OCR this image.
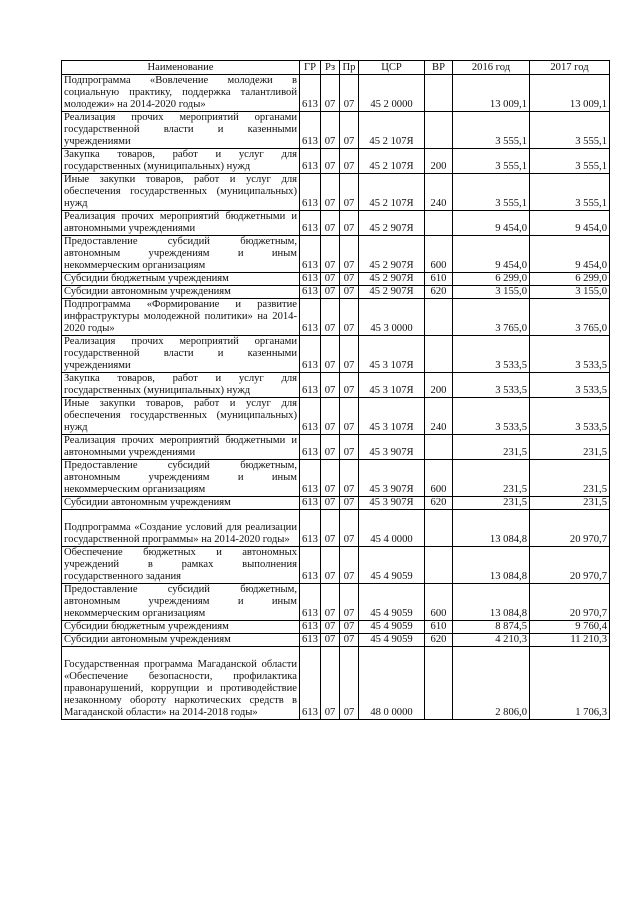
Наименование	ГР	Рз	Пр	ЦСР	ВР	2016 год	2017 год
Подпрограмма «Вовлечение молодежи в социальную практику, поддержка талантливой молодежи» на 2014-2020 годы»	613	07	07	45 2 0000		13 009,1	13 009,1
Реализация прочих мероприятий органами государственной власти и казенными учреждениями	613	07	07	45 2 107Я		3 555,1	3 555,1
Закупка товаров, работ и услуг для государственных (муниципальных) нужд	613	07	07	45 2 107Я	200	3 555,1	3 555,1
Иные закупки товаров, работ и услуг для обеспечения государственных (муниципальных) нужд	613	07	07	45 2 107Я	240	3 555,1	3 555,1
Реализация прочих мероприятий бюджетными и автономными учреждениями	613	07	07	45 2 907Я		9 454,0	9 454,0
Предоставление субсидий бюджетным, автономным учреждениям и иным некоммерческим организациям	613	07	07	45 2 907Я	600	9 454,0	9 454,0
Субсидии бюджетным учреждениям	613	07	07	45 2 907Я	610	6 299,0	6 299,0
Субсидии автономным учреждениям	613	07	07	45 2 907Я	620	3 155,0	3 155,0
Подпрограмма «Формирование и развитие инфраструктуры молодежной политики» на 2014-2020 годы»	613	07	07	45 3 0000		3 765,0	3 765,0
Реализация прочих мероприятий органами государственной власти и казенными учреждениями	613	07	07	45 3 107Я		3 533,5	3 533,5
Закупка товаров, работ и услуг для государственных (муниципальных) нужд	613	07	07	45 3 107Я	200	3 533,5	3 533,5
Иные закупки товаров, работ и услуг для обеспечения государственных (муниципальных) нужд	613	07	07	45 3 107Я	240	3 533,5	3 533,5
Реализация прочих мероприятий бюджетными и автономными учреждениями	613	07	07	45 3 907Я		231,5	231,5
Предоставление субсидий бюджетным, автономным учреждениям и иным некоммерческим организациям	613	07	07	45 3 907Я	600	231,5	231,5
Субсидии автономным учреждениям	613	07	07	45 3 907Я	620	231,5	231,5
Подпрограмма «Создание условий для реализации государственной программы» на 2014-2020 годы»	613	07	07	45 4 0000		13 084,8	20 970,7
Обеспечение бюджетных и автономных учреждений в рамках выполнения государственного задания	613	07	07	45 4 9059		13 084,8	20 970,7
Предоставление субсидий бюджетным, автономным учреждениям и иным некоммерческим организациям	613	07	07	45 4 9059	600	13 084,8	20 970,7
Субсидии бюджетным учреждениям	613	07	07	45 4 9059	610	8 874,5	9 760,4
Субсидии автономным учреждениям	613	07	07	45 4 9059	620	4 210,3	11 210,3
Государственная программа Магаданской области «Обеспечение безопасности, профилактика правонарушений, коррупции и противодействие незаконному обороту наркотических средств в Магаданской области» на 2014-2018 годы»	613	07	07	48 0 0000		2 806,0	1 706,3
